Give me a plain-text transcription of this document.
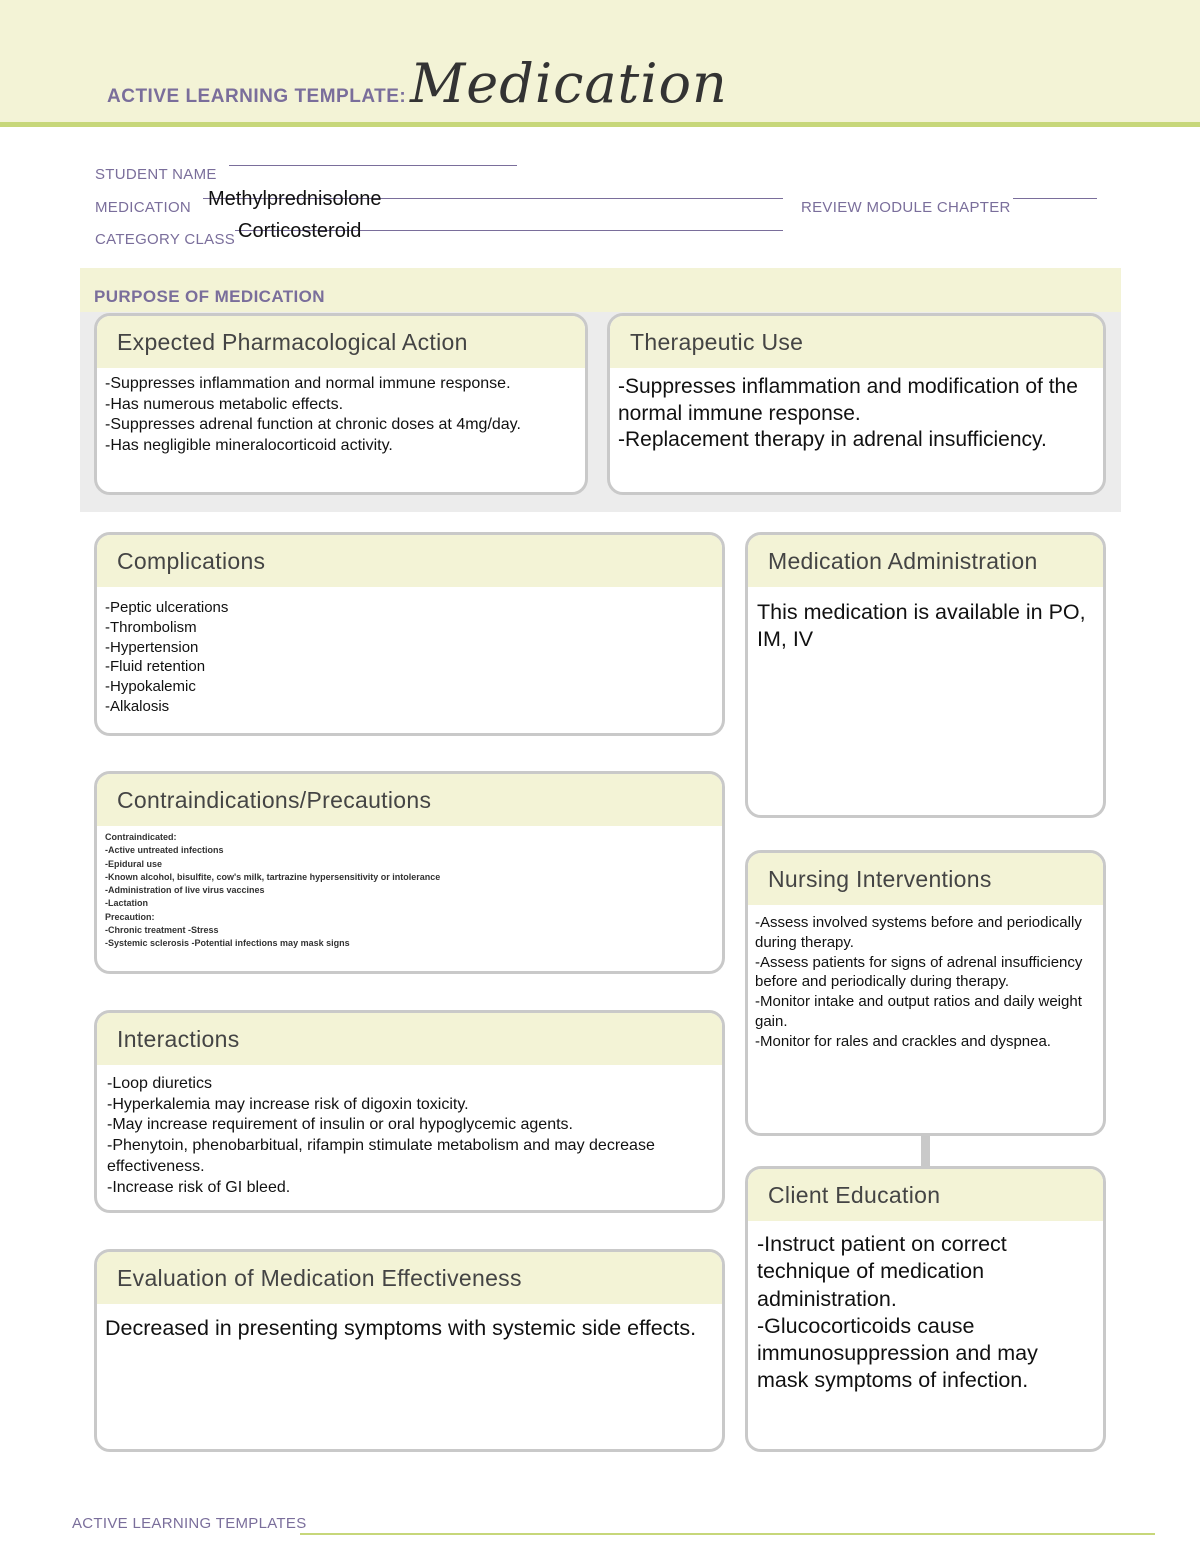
ACTIVE LEARNING TEMPLATE: Medication
STUDENT NAME
MEDICATION Methylprednisolone	REVIEW MODULE CHAPTER
CATEGORY CLASS Corticosteroid
PURPOSE OF MEDICATION
Expected Pharmacological Action
-Suppresses inflammation and normal immune response.
-Has numerous metabolic effects.
-Suppresses adrenal function at chronic doses at 4mg/day.
-Has negligible mineralocorticoid activity.
Therapeutic Use
-Suppresses inflammation and modification of the normal immune response.
-Replacement therapy in adrenal insufficiency.
Complications
-Peptic ulcerations
-Thrombolism
-Hypertension
-Fluid retention
-Hypokalemic
-Alkalosis
Contraindications/Precautions
Contraindicated:
-Active untreated infections
-Epidural use
-Known alcohol, bisulfite, cow's milk, tartrazine hypersensitivity or intolerance
-Administration of live virus vaccines
-Lactation
Precaution:
-Chronic treatment -Stress
-Systemic sclerosis -Potential infections may mask signs
Interactions
-Loop diuretics
-Hyperkalemia may increase risk of digoxin toxicity.
-May increase requirement of insulin or oral hypoglycemic agents.
-Phenytoin, phenobarbitual, rifampin stimulate metabolism and may decrease effectiveness.
-Increase risk of GI bleed.
Evaluation of Medication Effectiveness
Decreased in presenting symptoms with systemic side effects.
Medication Administration
This medication is available in PO, IM, IV
Nursing Interventions
-Assess involved systems before and periodically during therapy.
-Assess patients for signs of adrenal insufficiency before and periodically during therapy.
-Monitor intake and output ratios and daily weight gain.
-Monitor for rales and crackles and dyspnea.
Client Education
-Instruct patient on correct technique of medication administration.
-Glucocorticoids cause immunosuppression and may mask symptoms of infection.
ACTIVE LEARNING TEMPLATES
